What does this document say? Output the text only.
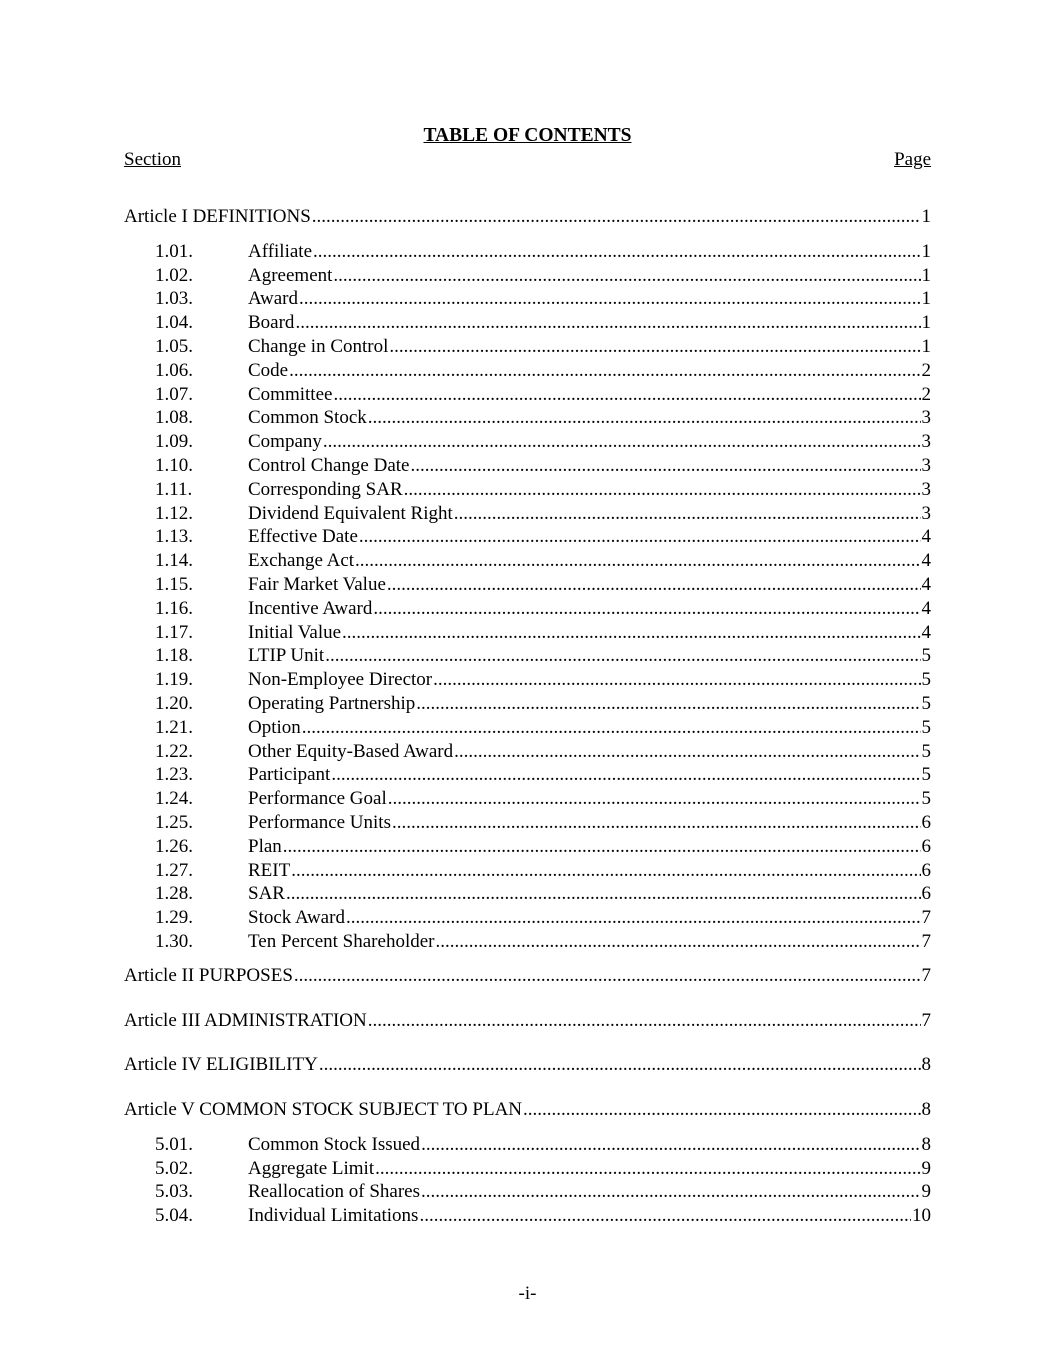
TABLE OF CONTENTS
Section	Page
Article I DEFINITIONS .....	1
1.01.	Affiliate .....	1
1.02.	Agreement .....	1
1.03.	Award .....	1
1.04.	Board .....	1
1.05.	Change in Control .....	1
1.06.	Code .....	2
1.07.	Committee .....	2
1.08.	Common Stock .....	3
1.09.	Company .....	3
1.10.	Control Change Date .....	3
1.11.	Corresponding SAR .....	3
1.12.	Dividend Equivalent Right .....	3
1.13.	Effective Date .....	4
1.14.	Exchange Act .....	4
1.15.	Fair Market Value .....	4
1.16.	Incentive Award .....	4
1.17.	Initial Value .....	4
1.18.	LTIP Unit .....	5
1.19.	Non-Employee Director .....	5
1.20.	Operating Partnership .....	5
1.21.	Option .....	5
1.22.	Other Equity-Based Award .....	5
1.23.	Participant .....	5
1.24.	Performance Goal .....	5
1.25.	Performance Units .....	6
1.26.	Plan .....	6
1.27.	REIT .....	6
1.28.	SAR .....	6
1.29.	Stock Award .....	7
1.30.	Ten Percent Shareholder .....	7
Article II PURPOSES .....	7
Article III ADMINISTRATION .....	7
Article IV ELIGIBILITY .....	8
Article V COMMON STOCK SUBJECT TO PLAN .....	8
5.01.	Common Stock Issued .....	8
5.02.	Aggregate Limit .....	9
5.03.	Reallocation of Shares .....	9
5.04.	Individual Limitations .....	10
-i-
